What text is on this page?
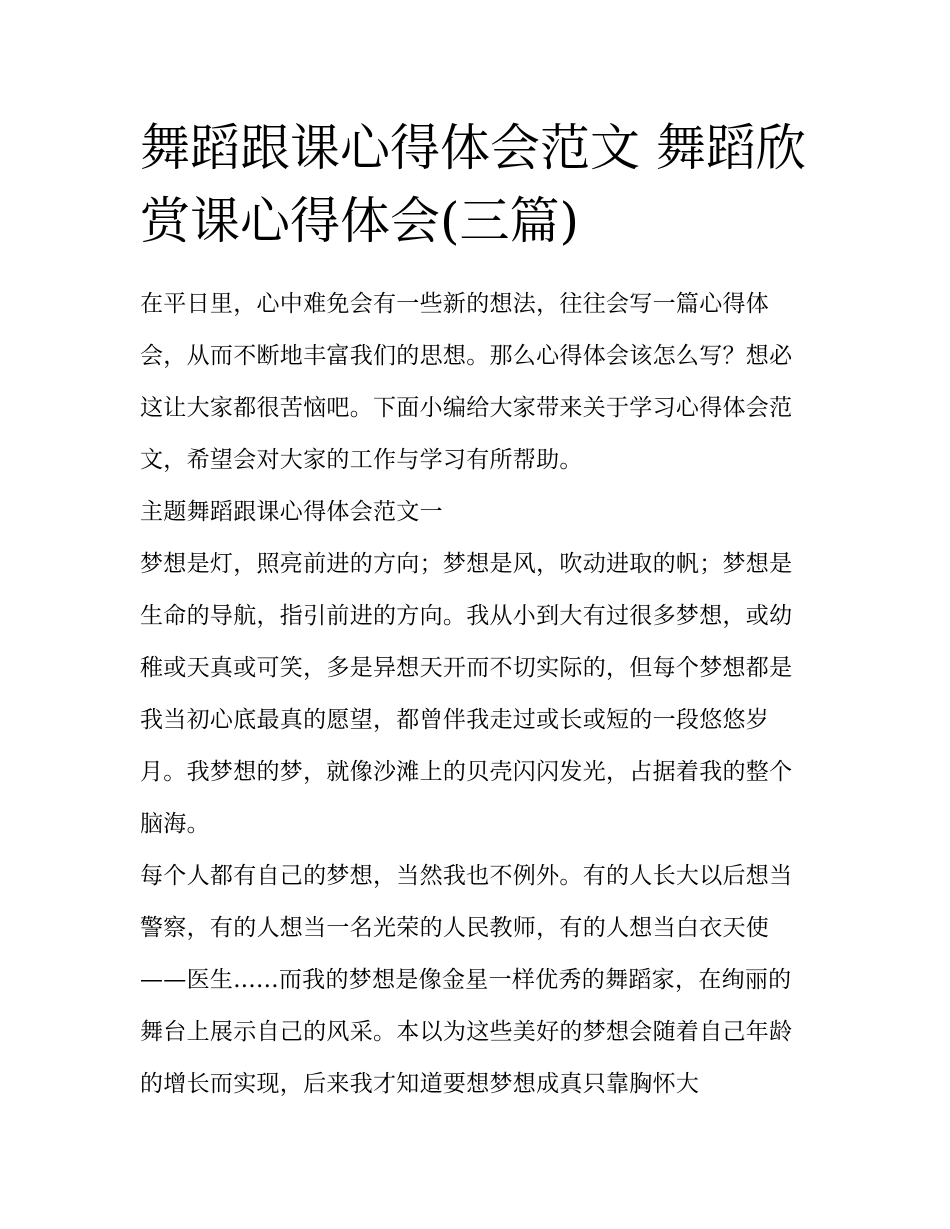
舞蹈跟课心得体会范文 舞蹈欣赏课心得体会(三篇)

在平日里，心中难免会有一些新的想法，往往会写一篇心得体会，从而不断地丰富我们的思想。那么心得体会该怎么写？想必这让大家都很苦恼吧。下面小编给大家带来关于学习心得体会范文，希望会对大家的工作与学习有所帮助。

主题舞蹈跟课心得体会范文一

梦想是灯，照亮前进的方向；梦想是风，吹动进取的帆；梦想是生命的导航，指引前进的方向。我从小到大有过很多梦想，或幼稚或天真或可笑，多是异想天开而不切实际的，但每个梦想都是我当初心底最真的愿望，都曾伴我走过或长或短的一段悠悠岁月。我梦想的梦，就像沙滩上的贝壳闪闪发光，占据着我的整个脑海。

每个人都有自己的梦想，当然我也不例外。有的人长大以后想当警察，有的人想当一名光荣的人民教师，有的人想当白衣天使——医生......而我的梦想是像金星一样优秀的舞蹈家，在绚丽的舞台上展示自己的风采。本以为这些美好的梦想会随着自己年龄的增长而实现，后来我才知道要想梦想成真只靠胸怀大
